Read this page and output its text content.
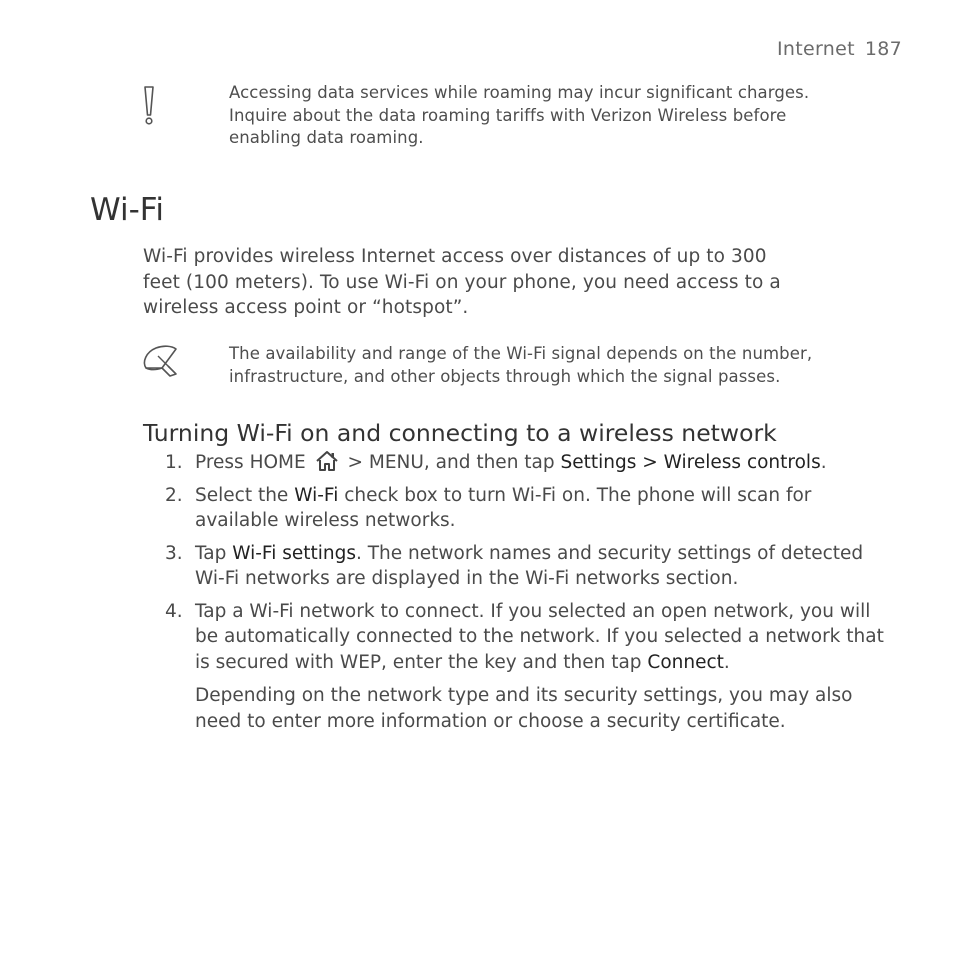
Internet 187
Accessing data services while roaming may incur significant charges.
Inquire about the data roaming tariffs with Verizon Wireless before
enabling data roaming.
Wi-Fi
Wi-Fi provides wireless Internet access over distances of up to 300
feet (100 meters). To use Wi-Fi on your phone, you need access to a
wireless access point or “hotspot”.
The availability and range of the Wi-Fi signal depends on the number,
infrastructure, and other objects through which the signal passes.
Turning Wi-Fi on and connecting to a wireless network
1. Press HOME  > MENU, and then tap Settings > Wireless controls.
2. Select the Wi-Fi check box to turn Wi-Fi on. The phone will scan for available wireless networks.
3. Tap Wi-Fi settings. The network names and security settings of detected Wi-Fi networks are displayed in the Wi-Fi networks section.
4. Tap a Wi-Fi network to connect. If you selected an open network, you will be automatically connected to the network. If you selected a network that is secured with WEP, enter the key and then tap Connect.
Depending on the network type and its security settings, you may also need to enter more information or choose a security certificate.
